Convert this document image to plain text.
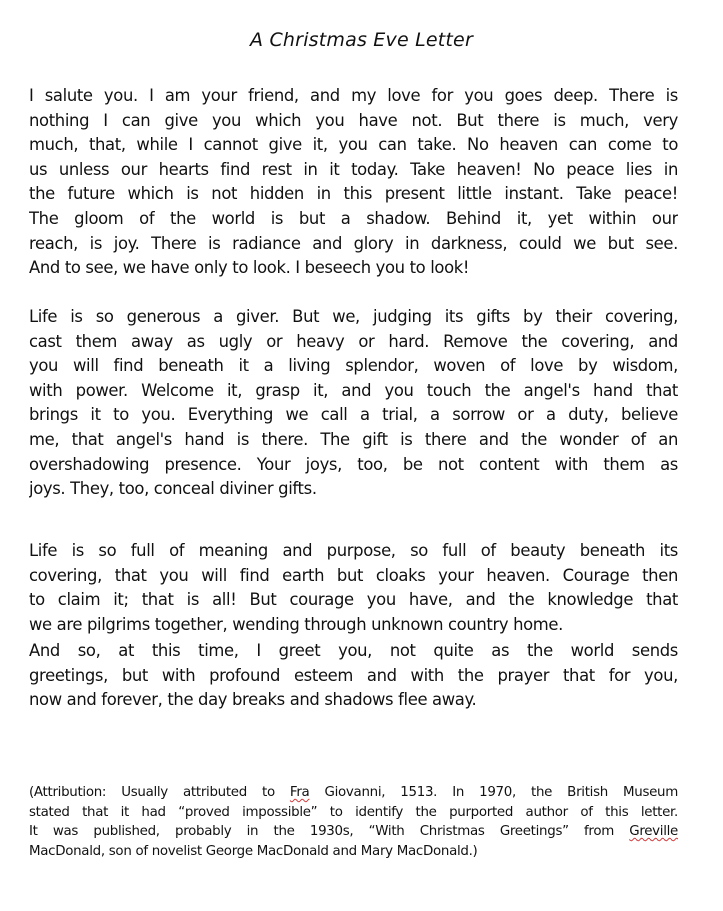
A Christmas Eve Letter
I salute you. I am your friend, and my love for you goes deep. There is
nothing I can give you which you have not. But there is much, very
much, that, while I cannot give it, you can take. No heaven can come to
us unless our hearts find rest in it today. Take heaven! No peace lies in
the future which is not hidden in this present little instant. Take peace!
The gloom of the world is but a shadow. Behind it, yet within our
reach, is joy. There is radiance and glory in darkness, could we but see.
And to see, we have only to look. I beseech you to look!
Life is so generous a giver. But we, judging its gifts by their covering,
cast them away as ugly or heavy or hard. Remove the covering, and
you will find beneath it a living splendor, woven of love by wisdom,
with power. Welcome it, grasp it, and you touch the angel's hand that
brings it to you. Everything we call a trial, a sorrow or a duty, believe
me, that angel's hand is there. The gift is there and the wonder of an
overshadowing presence. Your joys, too, be not content with them as
joys. They, too, conceal diviner gifts.
Life is so full of meaning and purpose, so full of beauty beneath its
covering, that you will find earth but cloaks your heaven. Courage then
to claim it; that is all! But courage you have, and the knowledge that
we are pilgrims together, wending through unknown country home.
And so, at this time, I greet you, not quite as the world sends
greetings, but with profound esteem and with the prayer that for you,
now and forever, the day breaks and shadows flee away.
(Attribution: Usually attributed to Fra Giovanni, 1513. In 1970, the British Museum
stated that it had “proved impossible” to identify the purported author of this letter.
It was published, probably in the 1930s, “With Christmas Greetings” from Greville
MacDonald, son of novelist George MacDonald and Mary MacDonald.)
